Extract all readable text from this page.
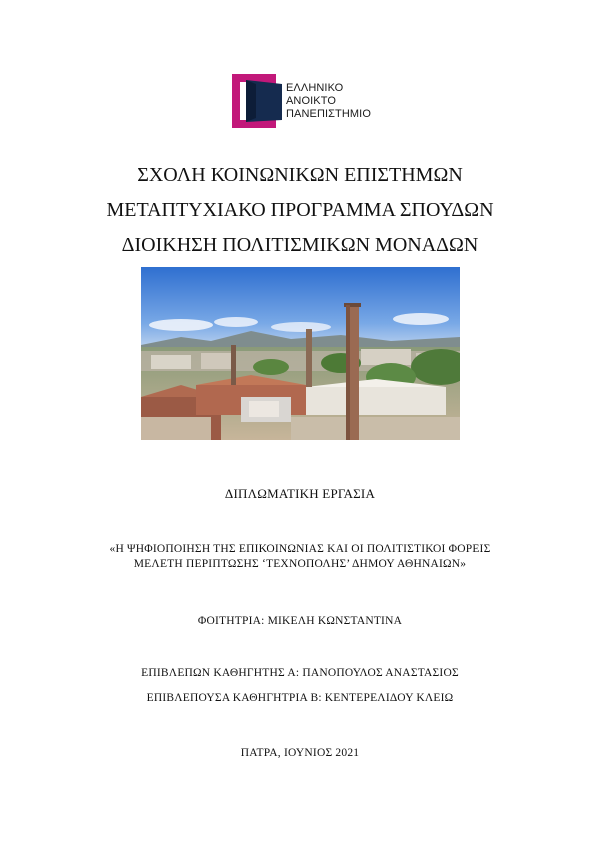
ΕΛΛΗΝΙΚΟ
ΑΝΟΙΚΤΟ
ΠΑΝΕΠΙΣΤΗΜΙΟ
ΣΧΟΛΗ ΚΟΙΝΩΝΙΚΩΝ ΕΠΙΣΤΗΜΩΝ
ΜΕΤΑΠΤΥΧΙΑΚΟ ΠΡΟΓΡΑΜΜΑ ΣΠΟΥΔΩΝ
ΔΙΟΙΚΗΣΗ ΠΟΛΙΤΙΣΜΙΚΩΝ ΜΟΝΑΔΩΝ
ΔΙΠΛΩΜΑΤΙΚΗ ΕΡΓΑΣΙΑ
«Η ΨΗΦΙΟΠΟΙΗΣΗ ΤΗΣ ΕΠΙΚΟΙΝΩΝΙΑΣ ΚΑΙ ΟΙ ΠΟΛΙΤΙΣΤΙΚΟΙ ΦΟΡΕΙΣ
ΜΕΛΕΤΗ ΠΕΡΙΠΤΩΣΗΣ ‘ΤΕΧΝΟΠΟΛΗΣ’ ΔΗΜΟΥ ΑΘΗΝΑΙΩΝ»
ΦΟΙΤΗΤΡΙΑ: ΜΙΚΕΛΗ ΚΩΝΣΤΑΝΤΙΝΑ
ΕΠΙΒΛΕΠΩΝ ΚΑΘΗΓΗΤΗΣ Α: ΠΑΝΟΠΟΥΛΟΣ ΑΝΑΣΤΑΣΙΟΣ
ΕΠΙΒΛΕΠΟΥΣΑ ΚΑΘΗΓΗΤΡΙΑ Β: ΚΕΝΤΕΡΕΛΙΔΟΥ ΚΛΕΙΩ
ΠΑΤΡΑ, ΙΟΥΝΙΟΣ 2021
